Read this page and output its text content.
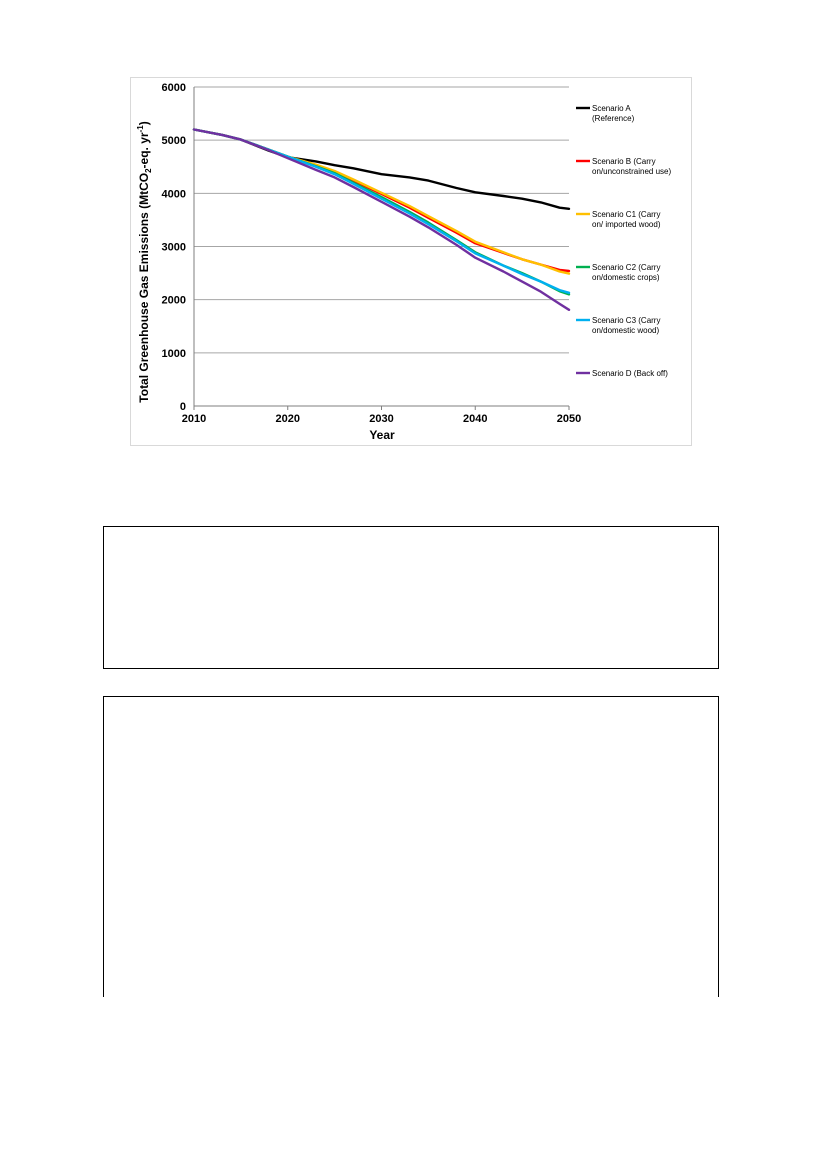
Total Greenhouse Gas Emissions (MtCO$_2$-eq. $yr^{-1}$)
Year
0
1000
2000
3000
4000
5000
6000
2010	2020	2030	2040	2050
Scenario A (Reference)
Scenario B (Carry on/unconstrained use)
Scenario C1 (Carry on/ imported wood)
Scenario C2 (Carry on/domestic crops)
Scenario C3 (Carry on/domestic wood)
Scenario D (Back off)
